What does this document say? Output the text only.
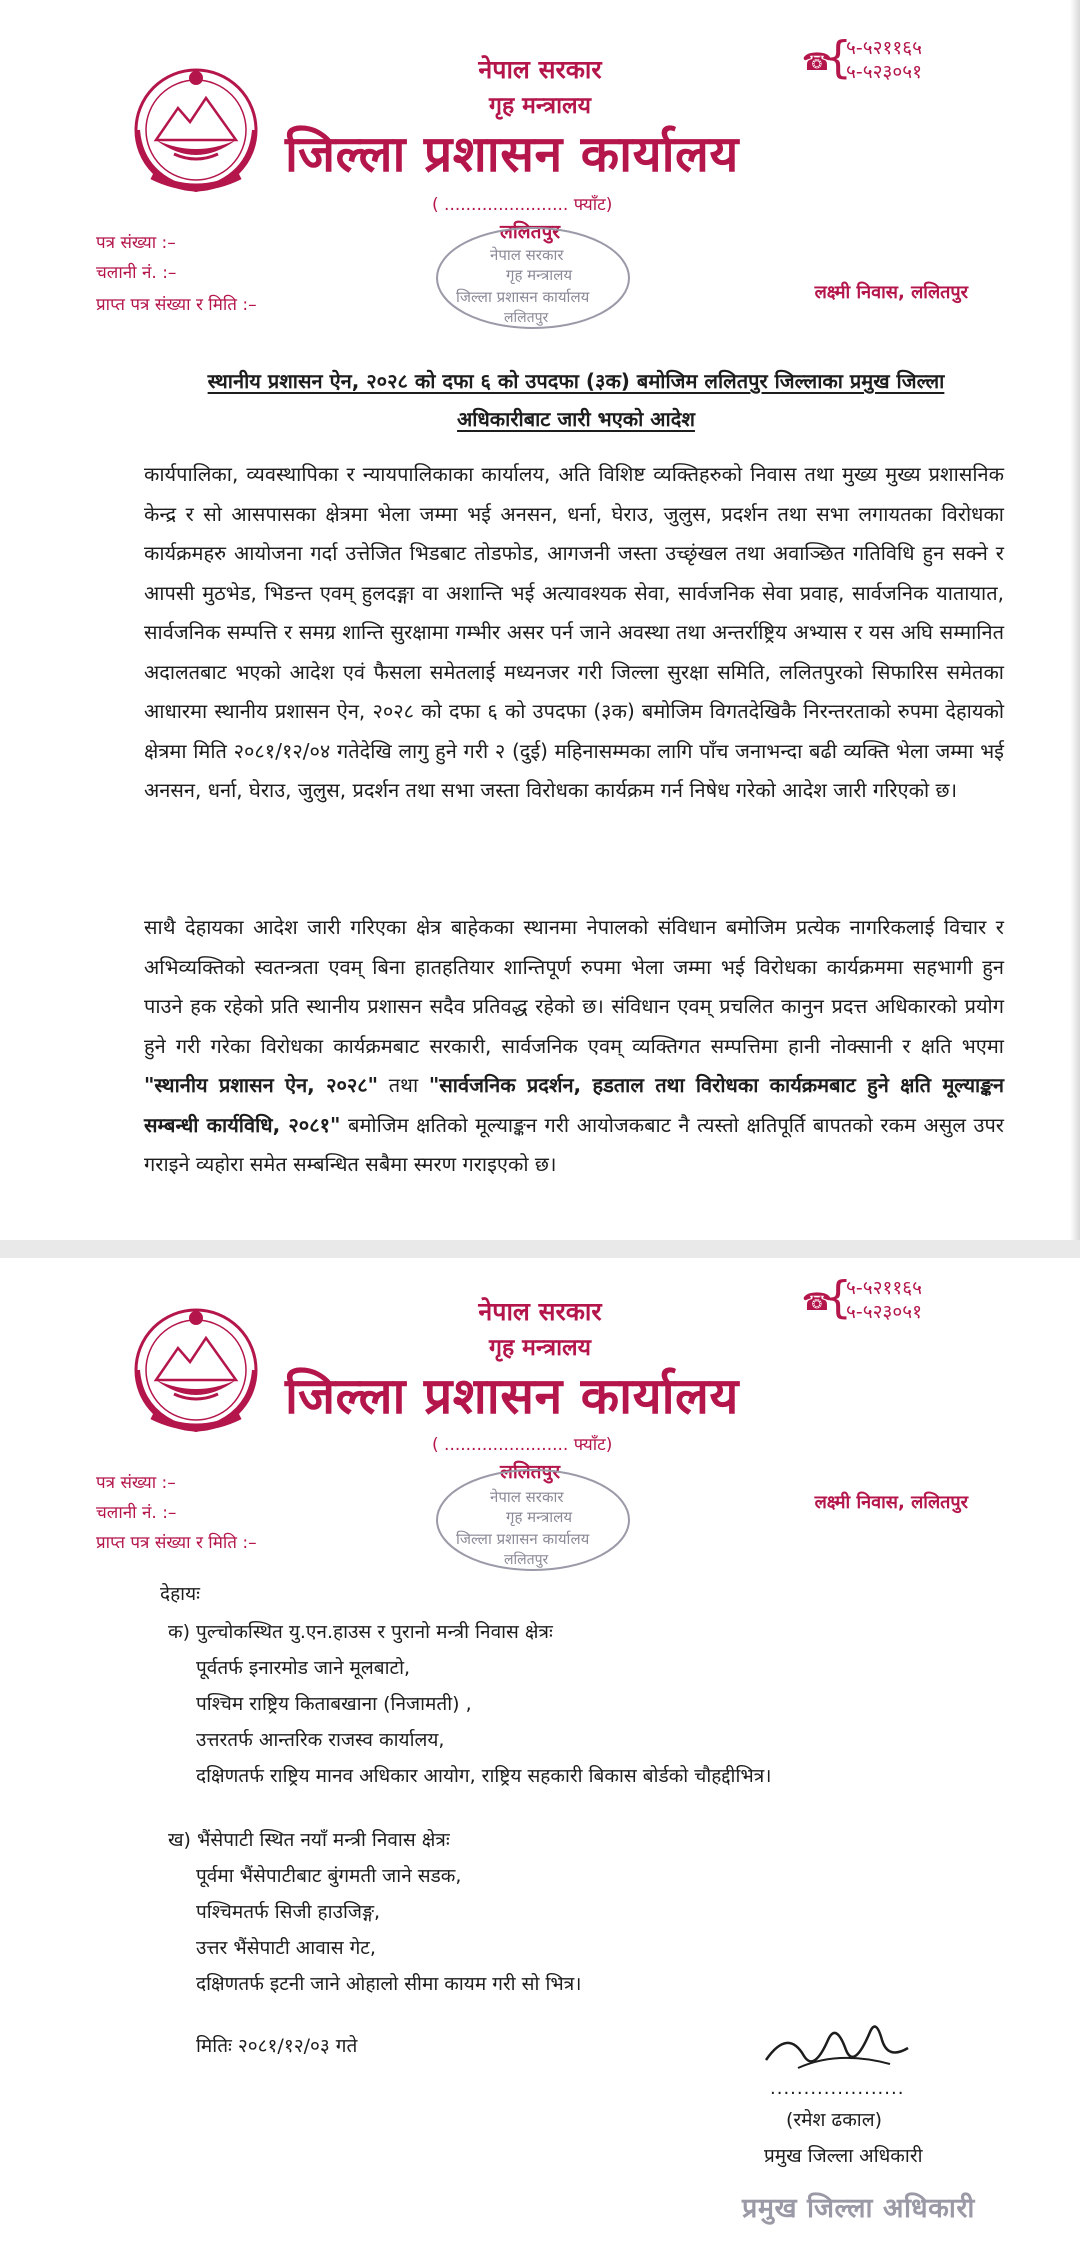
नेपाल सरकार
गृह मन्त्रालय
जिल्ला प्रशासन कार्यालय
☎
{
५-५२११६५
५-५२३०५१
( ....................... फ्याँट)
ललितपुर
नेपाल सरकार
गृह मन्त्रालय
जिल्ला प्रशासन कार्यालय
ललितपुर
पत्र संख्या :–
चलानी नं. :–
प्राप्त पत्र संख्या र मिति :–
लक्ष्मी निवास, ललितपुर
स्थानीय प्रशासन ऐन, २०२८ को दफा ६ को उपदफा (३क) बमोजिम ललितपुर जिल्लाका प्रमुख जिल्ला
अधिकारीबाट जारी भएको आदेश

कार्यपालिका, व्यवस्थापिका र न्यायपालिकाका कार्यालय, अति विशिष्ट व्यक्तिहरुको निवास तथा मुख्य मुख्य प्रशासनिक केन्द्र र सो आसपासका क्षेत्रमा भेला जम्मा भई अनसन, धर्ना, घेराउ, जुलुस, प्रदर्शन तथा सभा लगायतका विरोधका कार्यक्रमहरु आयोजना गर्दा उत्तेजित भिडबाट तोडफोड, आगजनी जस्ता उच्छृंखल तथा अवाञ्छित गतिविधि हुन सक्ने र आपसी मुठभेड, भिडन्त एवम् हुलदङ्गा वा अशान्ति भई अत्यावश्यक सेवा, सार्वजनिक सेवा प्रवाह, सार्वजनिक यातायात, सार्वजनिक सम्पत्ति र समग्र शान्ति सुरक्षामा गम्भीर असर पर्न जाने अवस्था तथा अन्तर्राष्ट्रिय अभ्यास र यस अघि सम्मानित अदालतबाट भएको आदेश एवं फैसला समेतलाई मध्यनजर गरी जिल्ला सुरक्षा समिति, ललितपुरको सिफारिस समेतका आधारमा स्थानीय प्रशासन ऐन, २०२८ को दफा ६ को उपदफा (३क) बमोजिम विगतदेखिकै निरन्तरताको रुपमा देहायको क्षेत्रमा मिति २०८१/१२/०४ गतेदेखि लागु हुने गरी २ (दुई) महिनासम्मका लागि पाँच जनाभन्दा बढी व्यक्ति भेला जम्मा भई अनसन, धर्ना, घेराउ, जुलुस, प्रदर्शन तथा सभा जस्ता विरोधका कार्यक्रम गर्न निषेध गरेको आदेश जारी गरिएको छ।

साथै देहायका आदेश जारी गरिएका क्षेत्र बाहेकका स्थानमा नेपालको संविधान बमोजिम प्रत्येक नागरिकलाई विचार र अभिव्यक्तिको स्वतन्त्रता एवम् बिना हातहतियार शान्तिपूर्ण रुपमा भेला जम्मा भई विरोधका कार्यक्रममा सहभागी हुन पाउने हक रहेको प्रति स्थानीय प्रशासन सदैव प्रतिवद्ध रहेको छ। संविधान एवम् प्रचलित कानुन प्रदत्त अधिकारको प्रयोग हुने गरी गरेका विरोधका कार्यक्रमबाट सरकारी, सार्वजनिक एवम् व्यक्तिगत सम्पत्तिमा हानी नोक्सानी र क्षति भएमा "स्थानीय प्रशासन ऐन, २०२८" तथा "सार्वजनिक प्रदर्शन, हडताल तथा विरोधका कार्यक्रमबाट हुने क्षति मूल्याङ्कन सम्बन्धी कार्यविधि, २०८१" बमोजिम क्षतिको मूल्याङ्कन गरी आयोजकबाट नै त्यस्तो क्षतिपूर्ति बापतको रकम असुल उपर गराइने व्यहोरा समेत सम्बन्धित सबैमा स्मरण गराइएको छ।

नेपाल सरकार
गृह मन्त्रालय
जिल्ला प्रशासन कार्यालय
☎
{
५-५२११६५
५-५२३०५१
( ....................... फ्याँट)
ललितपुर
नेपाल सरकार
गृह मन्त्रालय
जिल्ला प्रशासन कार्यालय
ललितपुर
पत्र संख्या :–
चलानी नं. :–
प्राप्त पत्र संख्या र मिति :–
लक्ष्मी निवास, ललितपुर
देहायः
क) पुल्चोकस्थित यु.एन.हाउस र पुरानो मन्त्री निवास क्षेत्रः
पूर्वतर्फ इनारमोड जाने मूलबाटो,
पश्चिम राष्ट्रिय किताबखाना (निजामती) ,
उत्तरतर्फ आन्तरिक राजस्व कार्यालय,
दक्षिणतर्फ राष्ट्रिय मानव अधिकार आयोग, राष्ट्रिय सहकारी बिकास बोर्डको चौहद्दीभित्र।
ख) भैंसेपाटी स्थित नयाँ मन्त्री निवास क्षेत्रः
पूर्वमा भैंसेपाटीबाट बुंगमती जाने सडक,
पश्चिमतर्फ सिजी हाउजिङ्ग,
उत्तर भैंसेपाटी आवास गेट,
दक्षिणतर्फ इटनी जाने ओहालो सीमा कायम गरी सो भित्र।
मितिः २०८१/१२/०३ गते
....................
(रमेश ढकाल)
प्रमुख जिल्ला अधिकारी
प्रमुख जिल्ला अधिकारी
